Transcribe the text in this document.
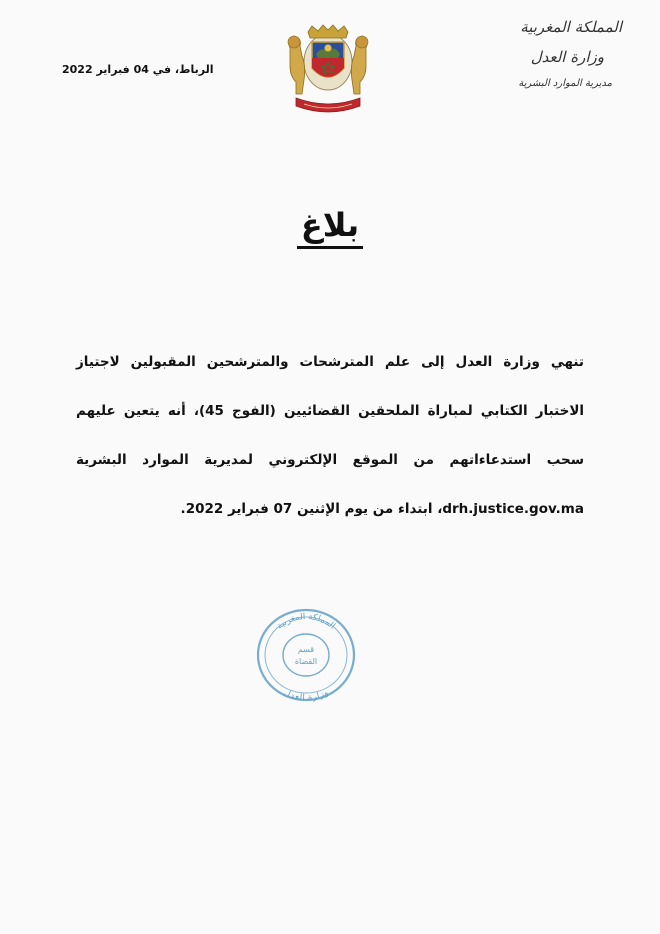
المملكة المغربية
وزارة العدل
مديرية الموارد البشرية
الرباط، في 04 فبراير 2022
بلاغ
تنهي وزارة العدل إلى علم المترشحات والمترشحين المقبولين لاجتياز الاختبار الكتابي لمباراة الملحقين القضائيين (الفوج 45)، أنه يتعين عليهم سحب استدعاءاتهم من الموقع الإلكتروني لمديرية الموارد البشرية drh.justice.gov.ma، ابتداء من يوم الإثنين 07 فبراير 2022.
المملكة المغربية
وزارة العدل
قسم
القضاة
